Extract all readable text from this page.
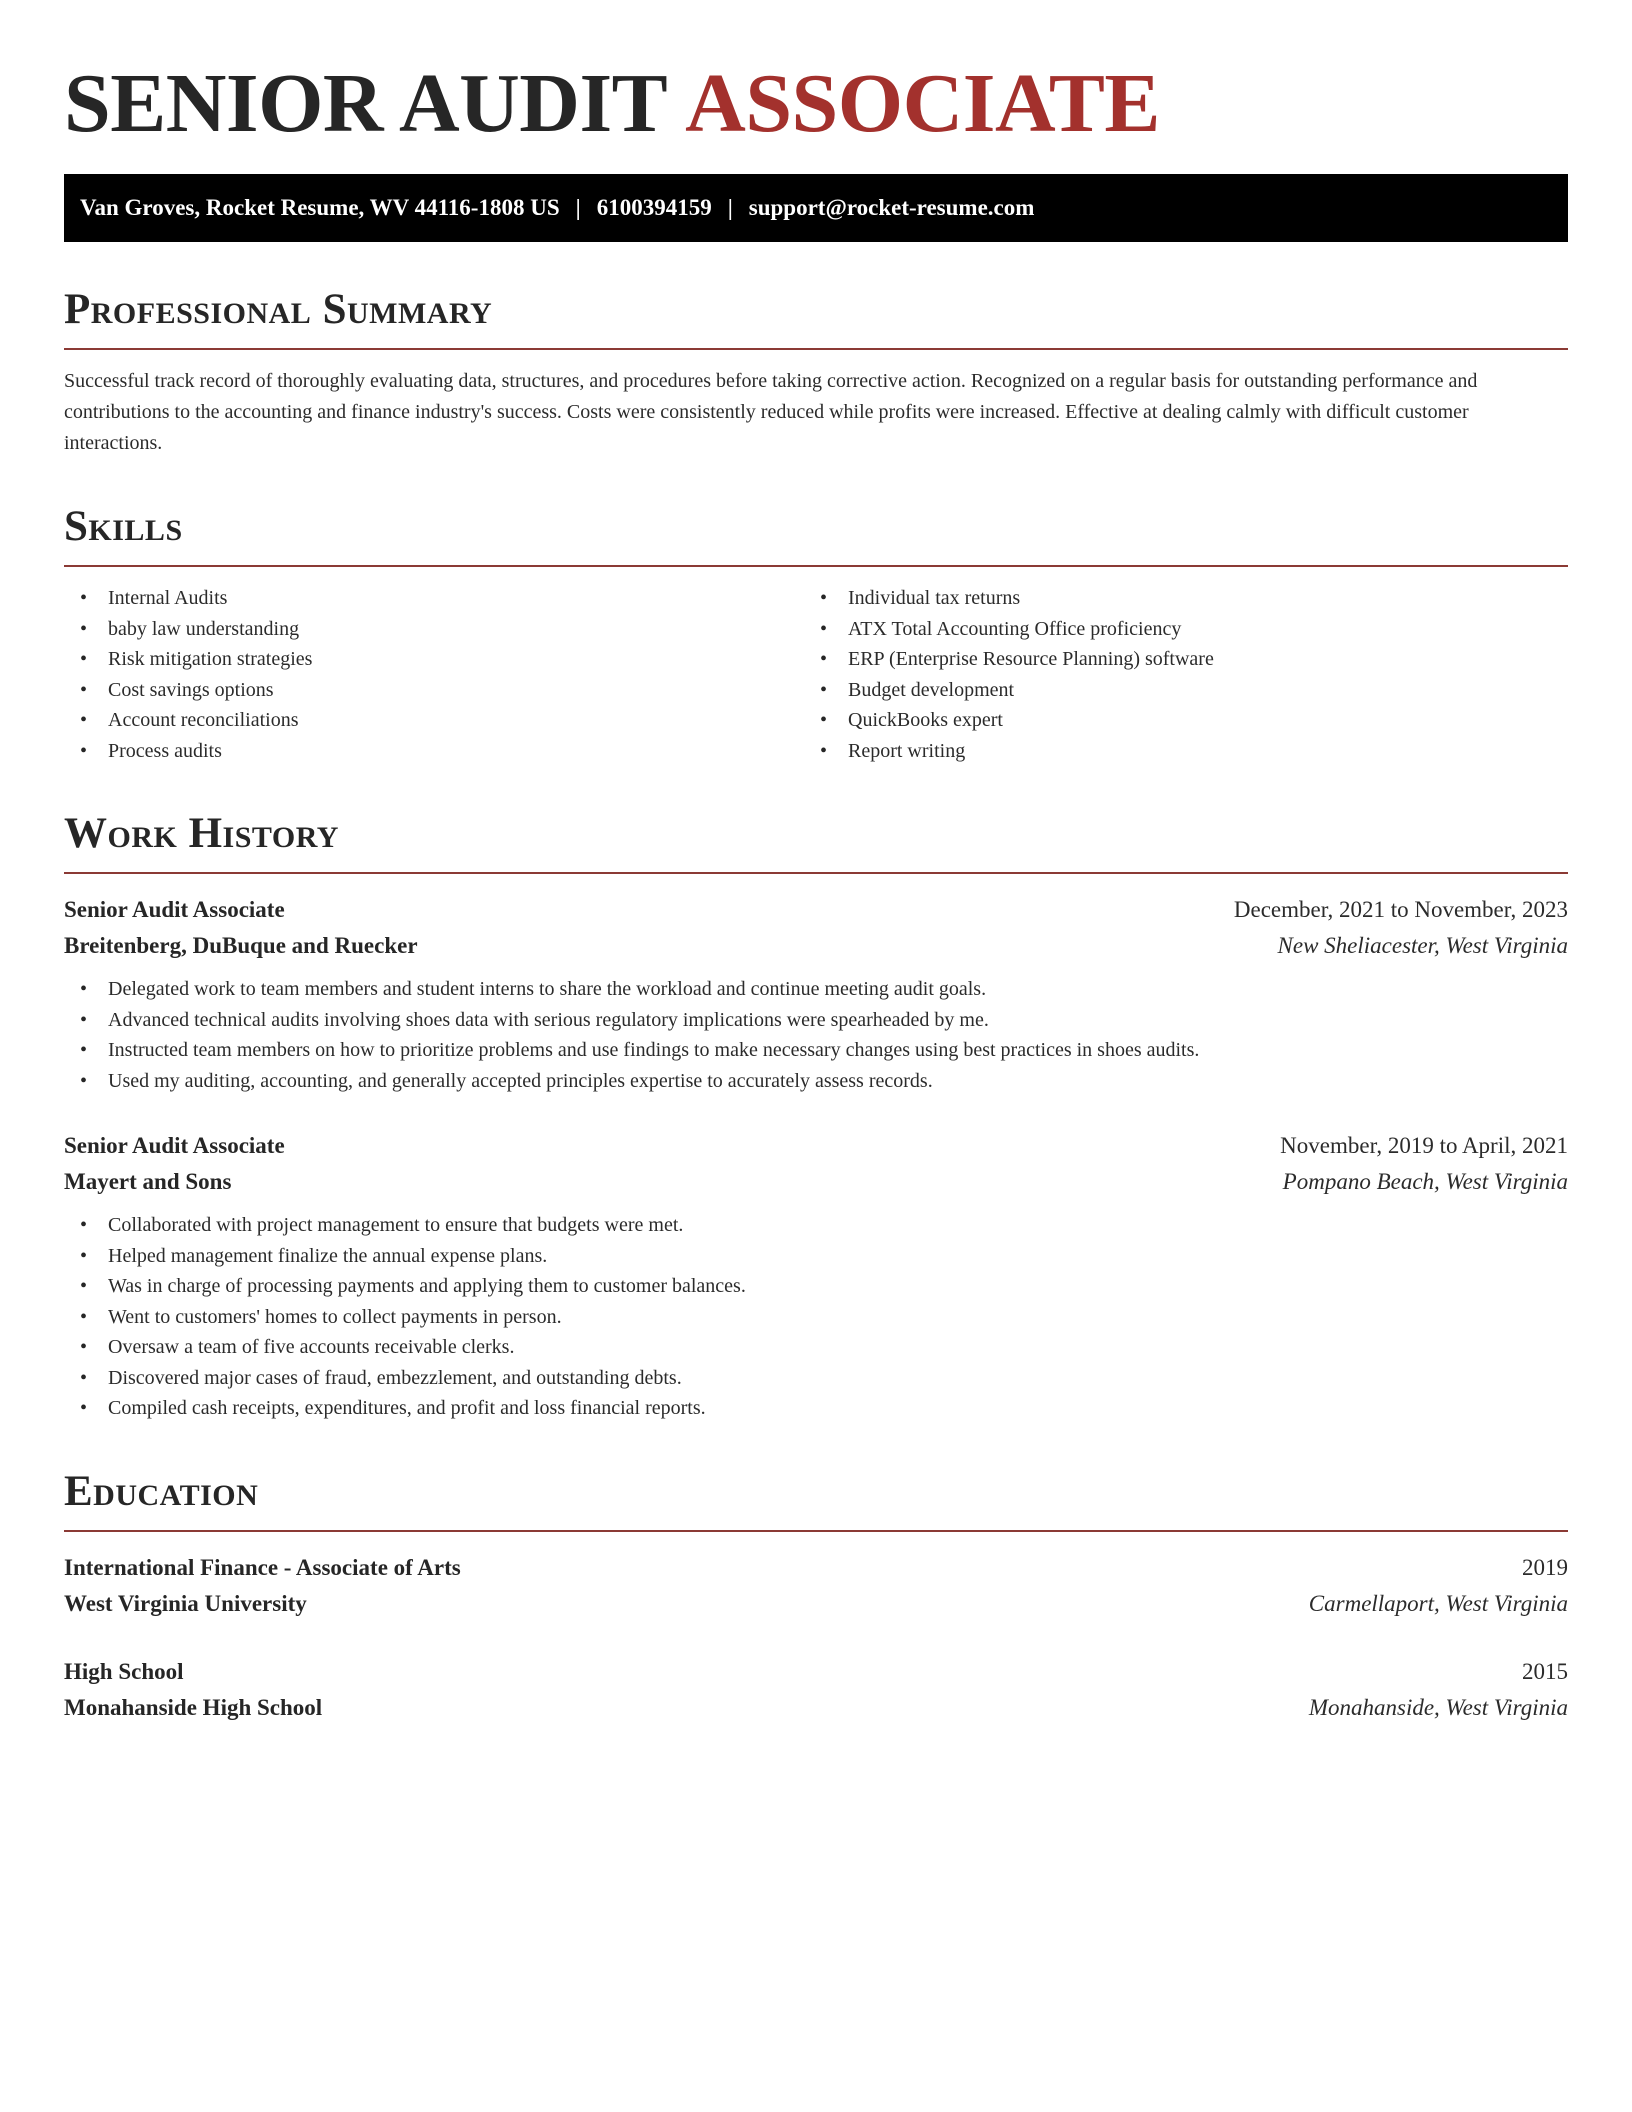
SENIOR AUDIT ASSOCIATE
Van Groves, Rocket Resume, WV 44116-1808 US | 6100394159 | support@rocket-resume.com
Professional Summary

Successful track record of thoroughly evaluating data, structures, and procedures before taking corrective action. Recognized on a regular basis for outstanding performance and contributions to the accounting and finance industry's success. Costs were consistently reduced while profits were increased. Effective at dealing calmly with difficult customer interactions.

Skills
• Internal Audits
• baby law understanding
• Risk mitigation strategies
• Cost savings options
• Account reconciliations
• Process audits
• Individual tax returns
• ATX Total Accounting Office proficiency
• ERP (Enterprise Resource Planning) software
• Budget development
• QuickBooks expert
• Report writing
Work History
Senior Audit Associate	December, 2021 to November, 2023
Breitenberg, DuBuque and Ruecker	New Sheliacester, West Virginia
• Delegated work to team members and student interns to share the workload and continue meeting audit goals.
• Advanced technical audits involving shoes data with serious regulatory implications were spearheaded by me.
• Instructed team members on how to prioritize problems and use findings to make necessary changes using best practices in shoes audits.
• Used my auditing, accounting, and generally accepted principles expertise to accurately assess records.
Senior Audit Associate	November, 2019 to April, 2021
Mayert and Sons	Pompano Beach, West Virginia
• Collaborated with project management to ensure that budgets were met.
• Helped management finalize the annual expense plans.
• Was in charge of processing payments and applying them to customer balances.
• Went to customers' homes to collect payments in person.
• Oversaw a team of five accounts receivable clerks.
• Discovered major cases of fraud, embezzlement, and outstanding debts.
• Compiled cash receipts, expenditures, and profit and loss financial reports.
Education
International Finance - Associate of Arts	2019
West Virginia University	Carmellaport, West Virginia
High School	2015
Monahanside High School	Monahanside, West Virginia
